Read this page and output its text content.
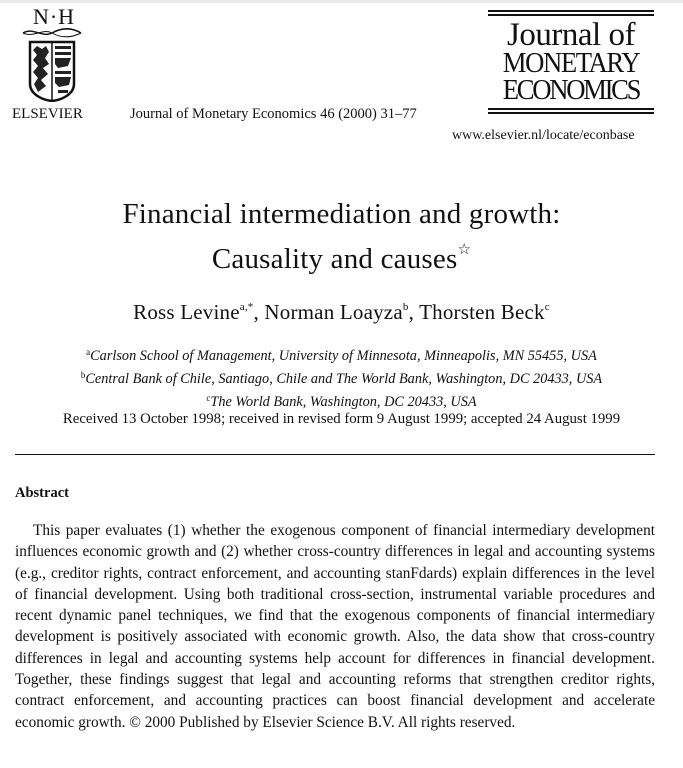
N·H
ELSEVIER	Journal of Monetary Economics 46 (2000) 31–77
Journal of
MONETARY
ECONOMICS
www.elsevier.nl/locate/econbase
Financial intermediation and growth:
Causality and causes☆
Ross Levine$^{a,*}$, Norman Loayza$^b$, Thorsten Beck$^c$
$^a$Carlson School of Management, University of Minnesota, Minneapolis, MN 55455, USA
$^b$Central Bank of Chile, Santiago, Chile and The World Bank, Washington, DC 20433, USA
$^c$The World Bank, Washington, DC 20433, USA
Received 13 October 1998; received in revised form 9 August 1999; accepted 24 August 1999
Abstract
This paper evaluates (1) whether the exogenous component of financial intermediary development influences economic growth and (2) whether cross-country differences in legal and accounting systems (e.g., creditor rights, contract enforcement, and accounting stanFdards) explain differences in the level of financial development. Using both traditional cross-section, instrumental variable procedures and recent dynamic panel techniques, we find that the exogenous components of financial intermediary development is positively associated with economic growth. Also, the data show that cross-country differences in legal and accounting systems help account for differences in financial development. Together, these findings suggest that legal and accounting reforms that strengthen creditor rights, contract enforcement, and accounting practices can boost financial development and accelerate economic growth. © 2000 Published by Elsevier Science B.V. All rights reserved.
